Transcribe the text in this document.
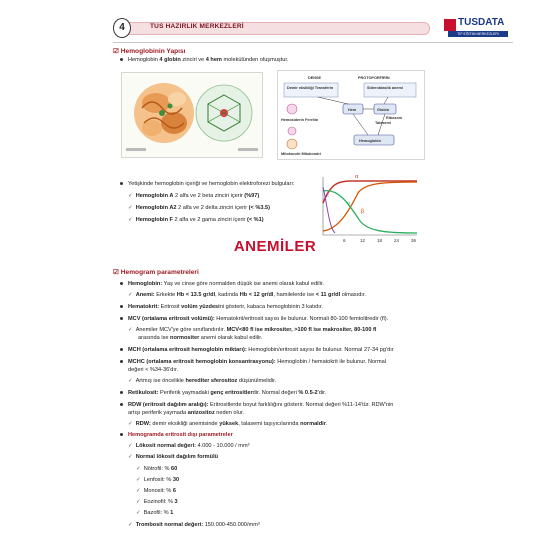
4	TUS HAZIRLIK MERKEZLERİ	TUSDATA
TIP EĞİTİM MERKEZLERİ
☑ Hemoglobinin Yapısı
Hemoglobin 4 globin zinciri ve 4 hem molekülünden oluşmuştur.
DENSE	PROTOPORFİRİN
Demir eksikliği Transferin	Sideroblastik anemi
Hem	Globin
Hemosiderin Ferritin
Talasemi
Ribozom
Mitokondri Mitokondri
Hemoglobin
Yetişkinde hemoglobin içeriği ve hemoglobin elektroforezi bulguları:
✓ Hemoglobin A 2 alfa ve 2 beta zinciri içerir (%97)
✓ Hemoglobin A2 2 alfa ve 2 delta zinciri içerir (< %3.5)
✓ Hemoglobin F 2 alfa ve 2 gama zinciri içerir (< %1)
α
β
γ
ε
6	12	18	24	36
ANEMİLER
☑ Hemogram parametreleri
Hemoglobin: Yaş ve cinse göre normalden düşük ise anemi olarak kabul edilir.
✓ Anemi: Erkekte Hb < 13.5 gr/dl, kadında Hb < 12 gr/dl, hamilelerde ise < 11 gr/dl olmasıdır.
Hematokrit: Eritrosit volüm yüzdesini gösterir, kabaca hemoglobinin 3 katıdır.
MCV (ortalama eritrosit volümü): Hematokrit/eritrosit sayısı ile bulunur. Normali 80-100 femtolitredir (fl).
✓ Anemiler MCV'ye göre sınıflandırılır. MCV<80 fl ise mikrositer, >100 fl ise makrositer, 80-100 fl
arasında ise normositer anemi olarak kabul edilir.
MCH (ortalama eritrosit hemoglobin miktarı): Hemoglobin/eritrosit sayısı ile bulunur. Normal 27-34 pg'dır
MCHC (ortalama eritrosit hemoglobin konsantrasyonu): Hemoglobin / hematokrit ile bulunur. Normal
değeri < %34-36'dır.
✓ Artmış ise öncelikle herediter sferositoz düşünülmelidir.
Retikulosit: Periferik yaymadaki genç eritrositlerdir. Normal değeri % 0.5-2'dir.
RDW (eritrosit dağılım aralığı): Eritrositlerde boyut farklılığını gösterir. Normal değeri %11-14'tür. RDW'nin
artışı periferik yaymada anizositoz neden olur.
✓ RDW; demir eksikliği anemisinde yüksek, talasemi taşıyıcılarında normaldir.
Hemogramda eritrosit dışı parametreler
✓ Lökosit normal değeri: 4.000 - 10.000 / mm³
✓ Normal lökosit dağılım formülü
✓ Nötrofil: % 60
✓ Lenfosit: % 30
✓ Monosit: % 6
✓ Eozinofil: % 3
✓ Bazofil: % 1
✓ Trombosit normal değeri: 150.000-450.000/mm³
